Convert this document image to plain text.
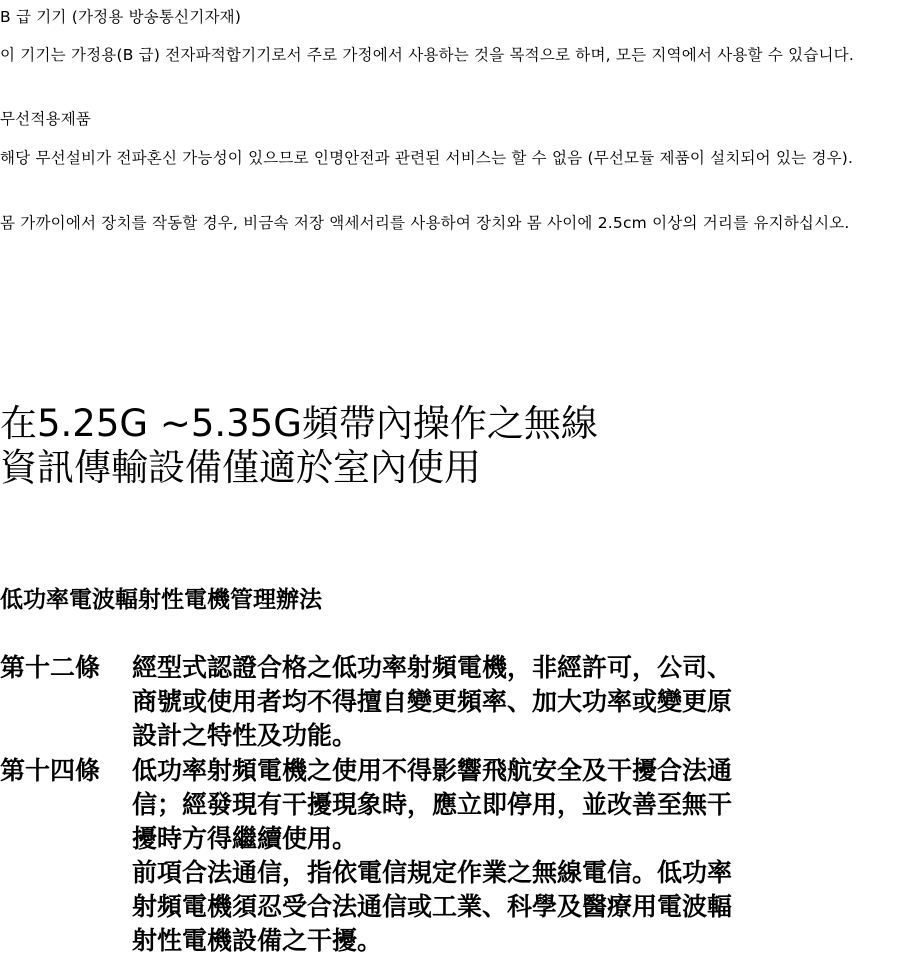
B 급 기기 (가정용 방송통신기자재)

이 기기는 가정용(B 급) 전자파적합기기로서 주로 가정에서 사용하는 것을 목적으로 하며, 모든 지역에서 사용할 수 있습니다.

무선적용제품

해당 무선설비가 전파혼신 가능성이 있으므로 인명안전과 관련된 서비스는 할 수 없음 (무선모듈 제품이 설치되어 있는 경우).

몸 가까이에서 장치를 작동할 경우, 비금속 저장 액세서리를 사용하여 장치와 몸 사이에 2.5cm 이상의 거리를 유지하십시오.

在5.25G ~5.35G頻帶內操作之無線
資訊傳輸設備僅適於室內使用

低功率電波輻射性電機管理辦法

第十二條 經型式認證合格之低功率射頻電機，非經許可，公司、
商號或使用者均不得擅自變更頻率、加大功率或變更原
設計之特性及功能。
第十四條 低功率射頻電機之使用不得影響飛航安全及干擾合法通
信；經發現有干擾現象時，應立即停用，並改善至無干
擾時方得繼續使用。
前項合法通信，指依電信規定作業之無線電信。低功率
射頻電機須忍受合法通信或工業、科學及醫療用電波輻
射性電機設備之干擾。
